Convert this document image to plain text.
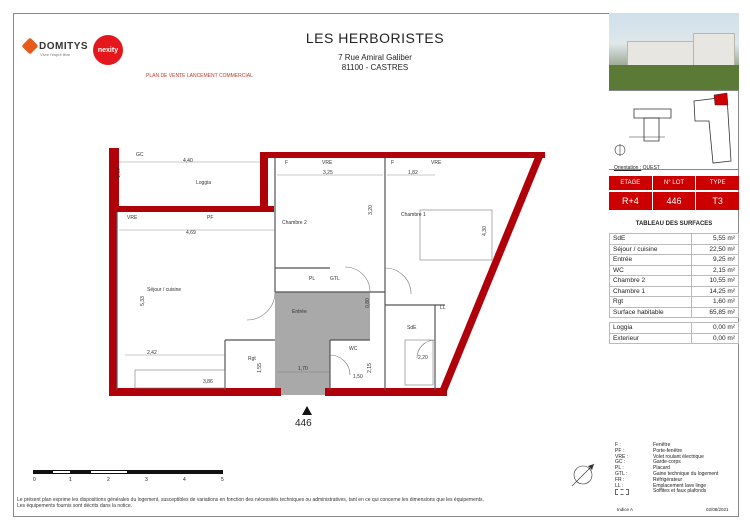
DOMITYS
Vivre l'esprit libre
nexity
PLAN DE VENTE LANCEMENT COMMERCIAL
LES HERBORISTES
7 Rue Amiral Galiber
81100 - CASTRES
Orientation : OUEST
ETAGE	N° LOT	TYPE
R+4	446	T3
TABLEAU DES SURFACES
SdE	5,55 m²
Séjour / cuisine	22,50 m²
Entrée	9,25 m²
WC	2,15 m²
Chambre 2	10,55 m²
Chambre 1	14,25 m²
Rgt	1,60 m²
Surface habitable	65,85 m²

Loggia	0,00 m²
Exterieur	0,00 m²
F :	Fenêtre
PF :	Porte-fenêtre
VRE :	Volet roulant électrique
GC :	Garde-corps
PL :	Placard
GTL :	Gaine technique du logement
FR :	Réfrigérateur
LL :	Emplacement lave linge
Soffites et faux plafonds
GC
4,40
1,60
Loggia
F	VRE
3,25
F	VRE
1,82
VRE	PF
4,69
Chambre 2
3,20
Chambre 1
4,30
Séjour / cuisine
5,33
PL	GTL
Entrée
0,80
SdE
LL
2,42
Rgt
1,55
WC
2,15
2,20
1,70
1,50
3,86
446
0	1	2	3	4	5
Le présent plan exprime les dispositions générales du logement, susceptibles de variations en fonction des nécessités techniques ou administratives, tant en ce qui concerne les dimensions que les équipements.
Les équipements fournis sont décrits dans la notice.
Indice A	02/08/2021
